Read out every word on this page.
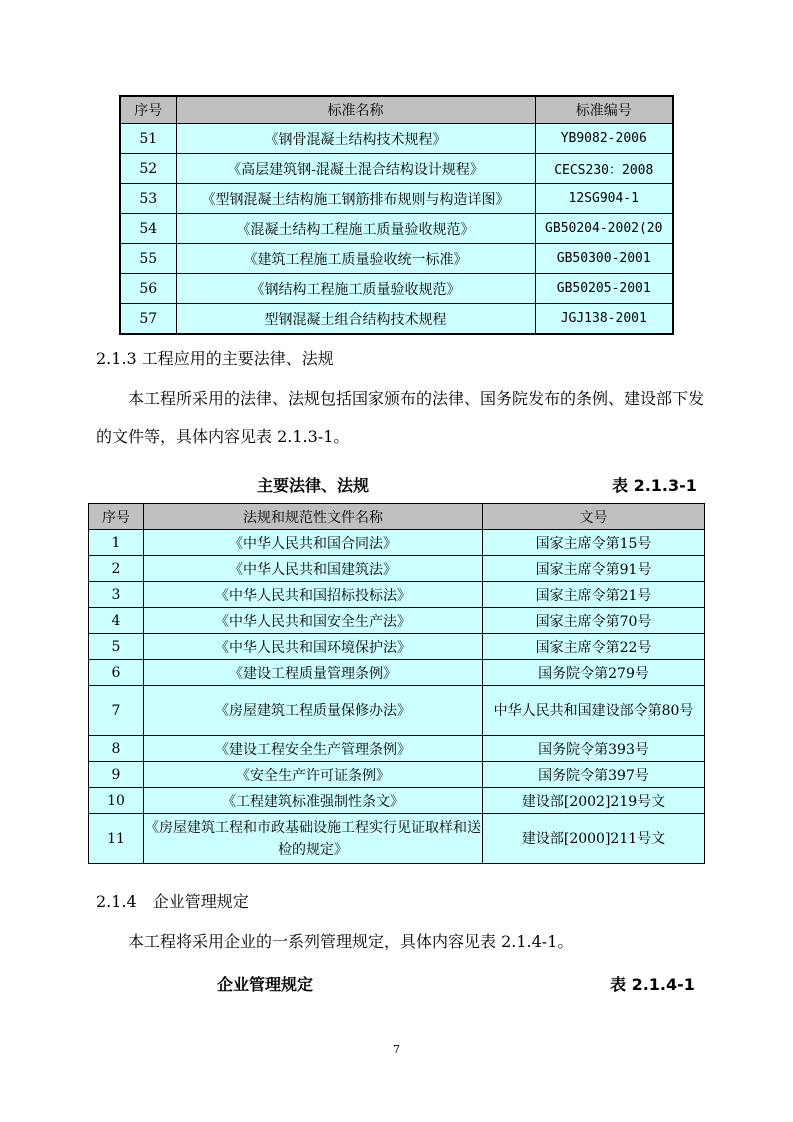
序号	标准名称	标准编号
51	《钢骨混凝土结构技术规程》	YB9082-2006
52	《高层建筑钢-混凝土混合结构设计规程》	CECS230：2008
53	《型钢混凝土结构施工钢筋排布规则与构造详图》	12SG904-1
54	《混凝土结构工程施工质量验收规范》	GB50204-2002(20
55	《建筑工程施工质量验收统一标准》	GB50300-2001
56	《钢结构工程施工质量验收规范》	GB50205-2001
57	型钢混凝土组合结构技术规程	JGJ138-2001
2.1.3 工程应用的主要法律、法规
本工程所采用的法律、法规包括国家颁布的法律、国务院发布的条例、建设部下发的文件等，具体内容见表 2.1.3-1。
主要法律、法规	表 2.1.3-1
序号	法规和规范性文件名称	文号
1	《中华人民共和国合同法》	国家主席令第15号
2	《中华人民共和国建筑法》	国家主席令第91号
3	《中华人民共和国招标投标法》	国家主席令第21号
4	《中华人民共和国安全生产法》	国家主席令第70号
5	《中华人民共和国环境保护法》	国家主席令第22号
6	《建设工程质量管理条例》	国务院令第279号
7	《房屋建筑工程质量保修办法》	中华人民共和国建设部令第80号
8	《建设工程安全生产管理条例》	国务院令第393号
9	《安全生产许可证条例》	国务院令第397号
10	《工程建筑标准强制性条文》	建设部[2002]219号文
11	《房屋建筑工程和市政基础设施工程实行见证取样和送检的规定》	建设部[2000]211号文
2.1.4　企业管理规定
本工程将采用企业的一系列管理规定，具体内容见表 2.1.4-1。
企业管理规定	表 2.1.4-1
7
